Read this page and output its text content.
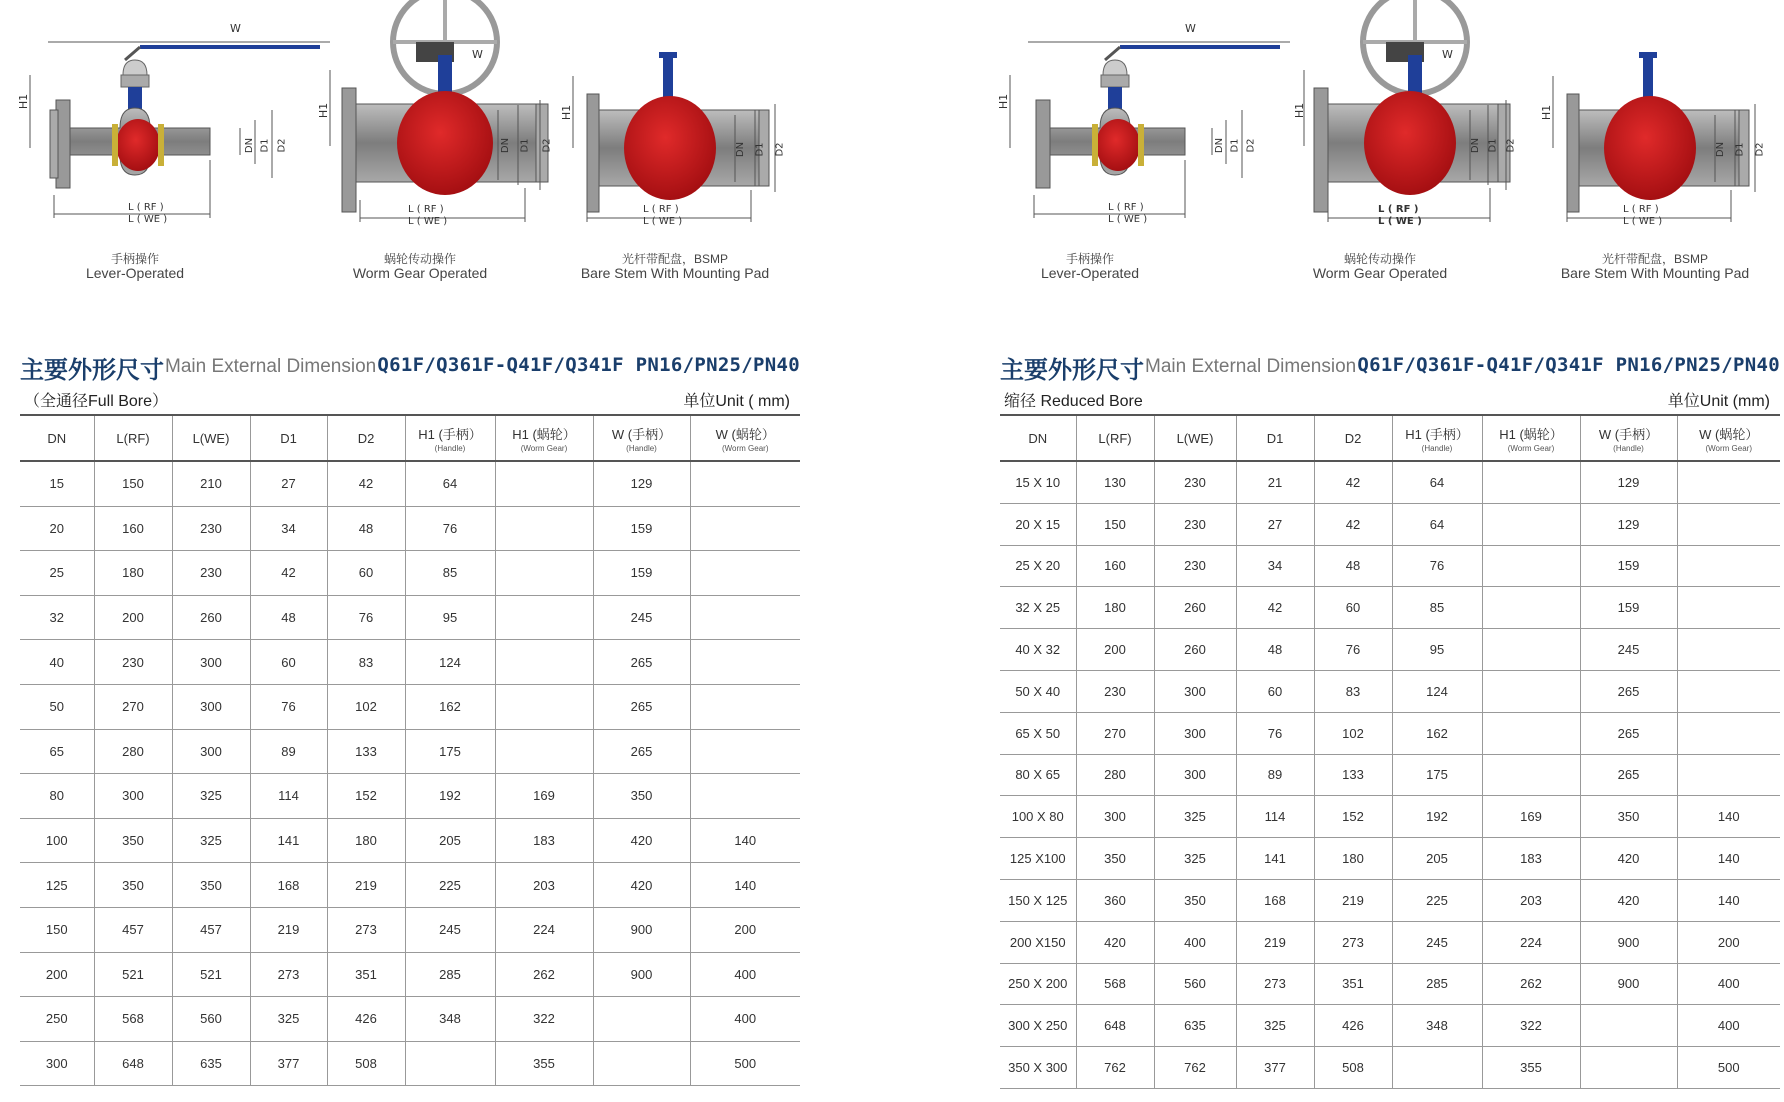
W
H1
DN D1 D2
L ( RF )
L ( WE )
手柄操作
Lever-Operated
W
H1
DN D1 D2
L ( RF )
L ( WE )
蜗轮传动操作
Worm Gear Operated
H1
DN D1 D2
L ( RF )
L ( WE )
光杆带配盘，BSMP
Bare Stem With Mounting Pad
主要外形尺寸 Main External Dimension Q61F/Q361F-Q41F/Q341F PN16/PN25/PN40
（全通径Full Bore）	单位Unit ( mm)
DN	L(RF)	L(WE)	D1	D2	H1 (手柄）
(Handle)	H1 (蜗轮）
(Worm Gear)	W (手柄）
(Handle)	W (蜗轮）
(Worm Gear)

15	150	210	27	42	64		129	
20	160	230	34	48	76		159	
25	180	230	42	60	85		159	
32	200	260	48	76	95		245	
40	230	300	60	83	124		265	
50	270	300	76	102	162		265	
65	280	300	89	133	175		265	
80	300	325	114	152	192	169	350	
100	350	325	141	180	205	183	420	140
125	350	350	168	219	225	203	420	140
150	457	457	219	273	245	224	900	200
200	521	521	273	351	285	262	900	400
250	568	560	325	426	348	322		400
300	648	635	377	508		355		500
W
H1
DN D1 D2
L ( RF )
L ( WE )
手柄操作
Lever-Operated
W
H1
DN D1 D2
L ( RF )
L ( WE )
蜗轮传动操作
Worm Gear Operated
H1
DN D1 D2
L ( RF )
L ( WE )
光杆带配盘，BSMP
Bare Stem With Mounting Pad
主要外形尺寸 Main External Dimension Q61F/Q361F-Q41F/Q341F PN16/PN25/PN40
缩径 Reduced Bore	单位Unit (mm)
DN	L(RF)	L(WE)	D1	D2	H1 (手柄）
(Handle)	H1 (蜗轮）
(Worm Gear)	W (手柄）
(Handle)	W (蜗轮）
(Worm Gear)

15 X 10	130	230	21	42	64		129	
20 X 15	150	230	27	42	64		129	
25 X 20	160	230	34	48	76		159	
32 X 25	180	260	42	60	85		159	
40 X 32	200	260	48	76	95		245	
50 X 40	230	300	60	83	124		265	
65 X 50	270	300	76	102	162		265	
80 X 65	280	300	89	133	175		265	
100 X 80	300	325	114	152	192	169	350	140
125 X100	350	325	141	180	205	183	420	140
150 X 125	360	350	168	219	225	203	420	140
200 X150	420	400	219	273	245	224	900	200
250 X 200	568	560	273	351	285	262	900	400
300 X 250	648	635	325	426	348	322		400
350 X 300	762	762	377	508		355		500
